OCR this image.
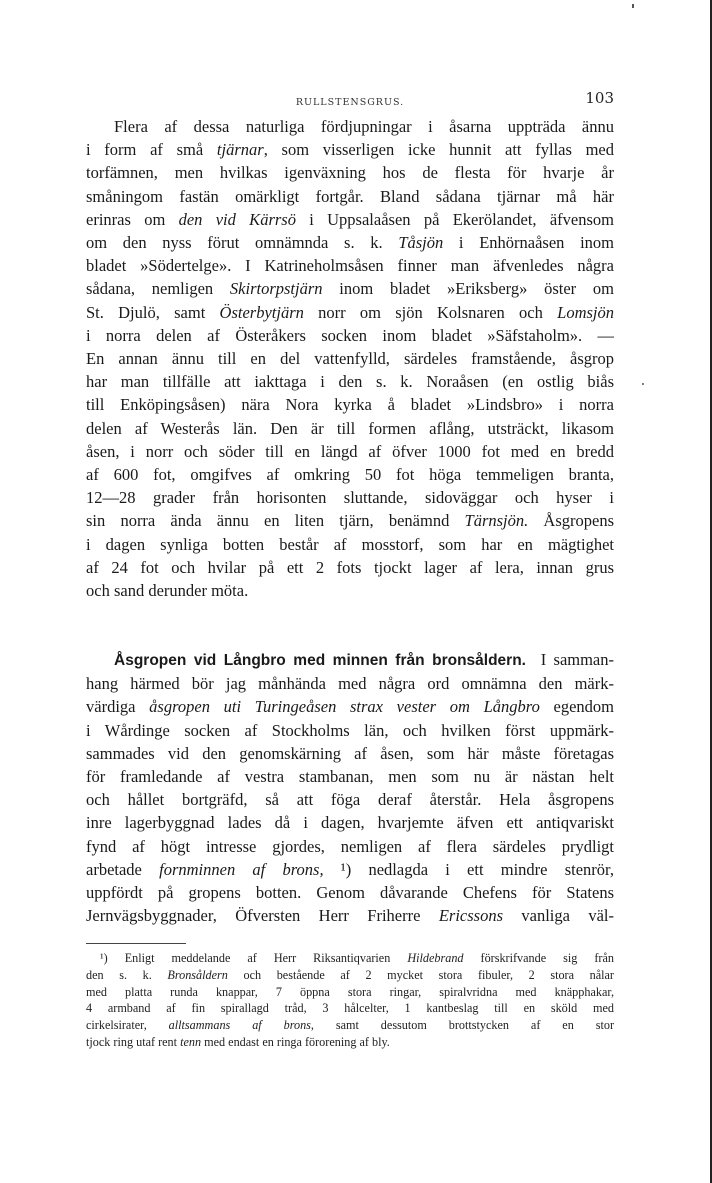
RULLSTENSGRUS.	103
Flera af dessa naturliga fördjupningar i åsarna uppträda ännu
i form af små tjärnar, som visserligen icke hunnit att fyllas med
torfämnen, men hvilkas igenväxning hos de flesta för hvarje år
småningom fastän omärkligt fortgår. Bland sådana tjärnar må här
erinras om den vid Kärrsö i Uppsalaåsen på Ekerölandet, äfvensom
om den nyss förut omnämnda s. k. Tåsjön i Enhörnaåsen inom
bladet »Södertelge». I Katrineholmsåsen finner man äfvenledes några
sådana, nemligen Skirtorpstjärn inom bladet »Eriksberg» öster om
St. Djulö, samt Österbytjärn norr om sjön Kolsnaren och Lomsjön
i norra delen af Österåkers socken inom bladet »Säfstaholm». —
En annan ännu till en del vattenfylld, särdeles framstående, åsgrop
har man tillfälle att iakttaga i den s. k. Noraåsen (en ostlig biås
till Enköpingsåsen) nära Nora kyrka å bladet »Lindsbro» i norra
delen af Westerås län. Den är till formen aflång, utsträckt, likasom
åsen, i norr och söder till en längd af öfver 1000 fot med en bredd
af 600 fot, omgifves af omkring 50 fot höga temmeligen branta,
12—28 grader från horisonten sluttande, sidoväggar och hyser i
sin norra ända ännu en liten tjärn, benämnd Tärnsjön. Åsgropens
i dagen synliga botten består af mosstorf, som har en mägtighet
af 24 fot och hvilar på ett 2 fots tjockt lager af lera, innan grus
och sand derunder möta.
Åsgropen vid Långbro med minnen från bronsåldern. I samman-
hang härmed bör jag månhända med några ord omnämna den märk-
värdiga åsgropen uti Turingeåsen strax vester om Långbro egendom
i Wårdinge socken af Stockholms län, och hvilken först uppmärk-
sammades vid den genomskärning af åsen, som här måste företagas
för framledande af vestra stambanan, men som nu är nästan helt
och hållet bortgräfd, så att föga deraf återstår. Hela åsgropens
inre lagerbyggnad lades då i dagen, hvarjemte äfven ett antiqvariskt
fynd af högt intresse gjordes, nemligen af flera särdeles prydligt
arbetade fornminnen af brons, ¹) nedlagda i ett mindre stenrör,
uppfördt på gropens botten. Genom dåvarande Chefens för Statens
Jernvägsbyggnader, Öfversten Herr Friherre Ericssons vanliga väl-
¹) Enligt meddelande af Herr Riksantiqvarien Hildebrand förskrifvande sig från
den s. k. Bronsåldern och bestående af 2 mycket stora fibuler, 2 stora nålar
med platta runda knappar, 7 öppna stora ringar, spiralvridna med knäpphakar,
4 armband af fin spirallagd tråd, 3 hålcelter, 1 kantbeslag till en sköld med
cirkelsirater, alltsammans af brons, samt dessutom brottstycken af en stor
tjock ring utaf rent tenn med endast en ringa förorening af bly.
